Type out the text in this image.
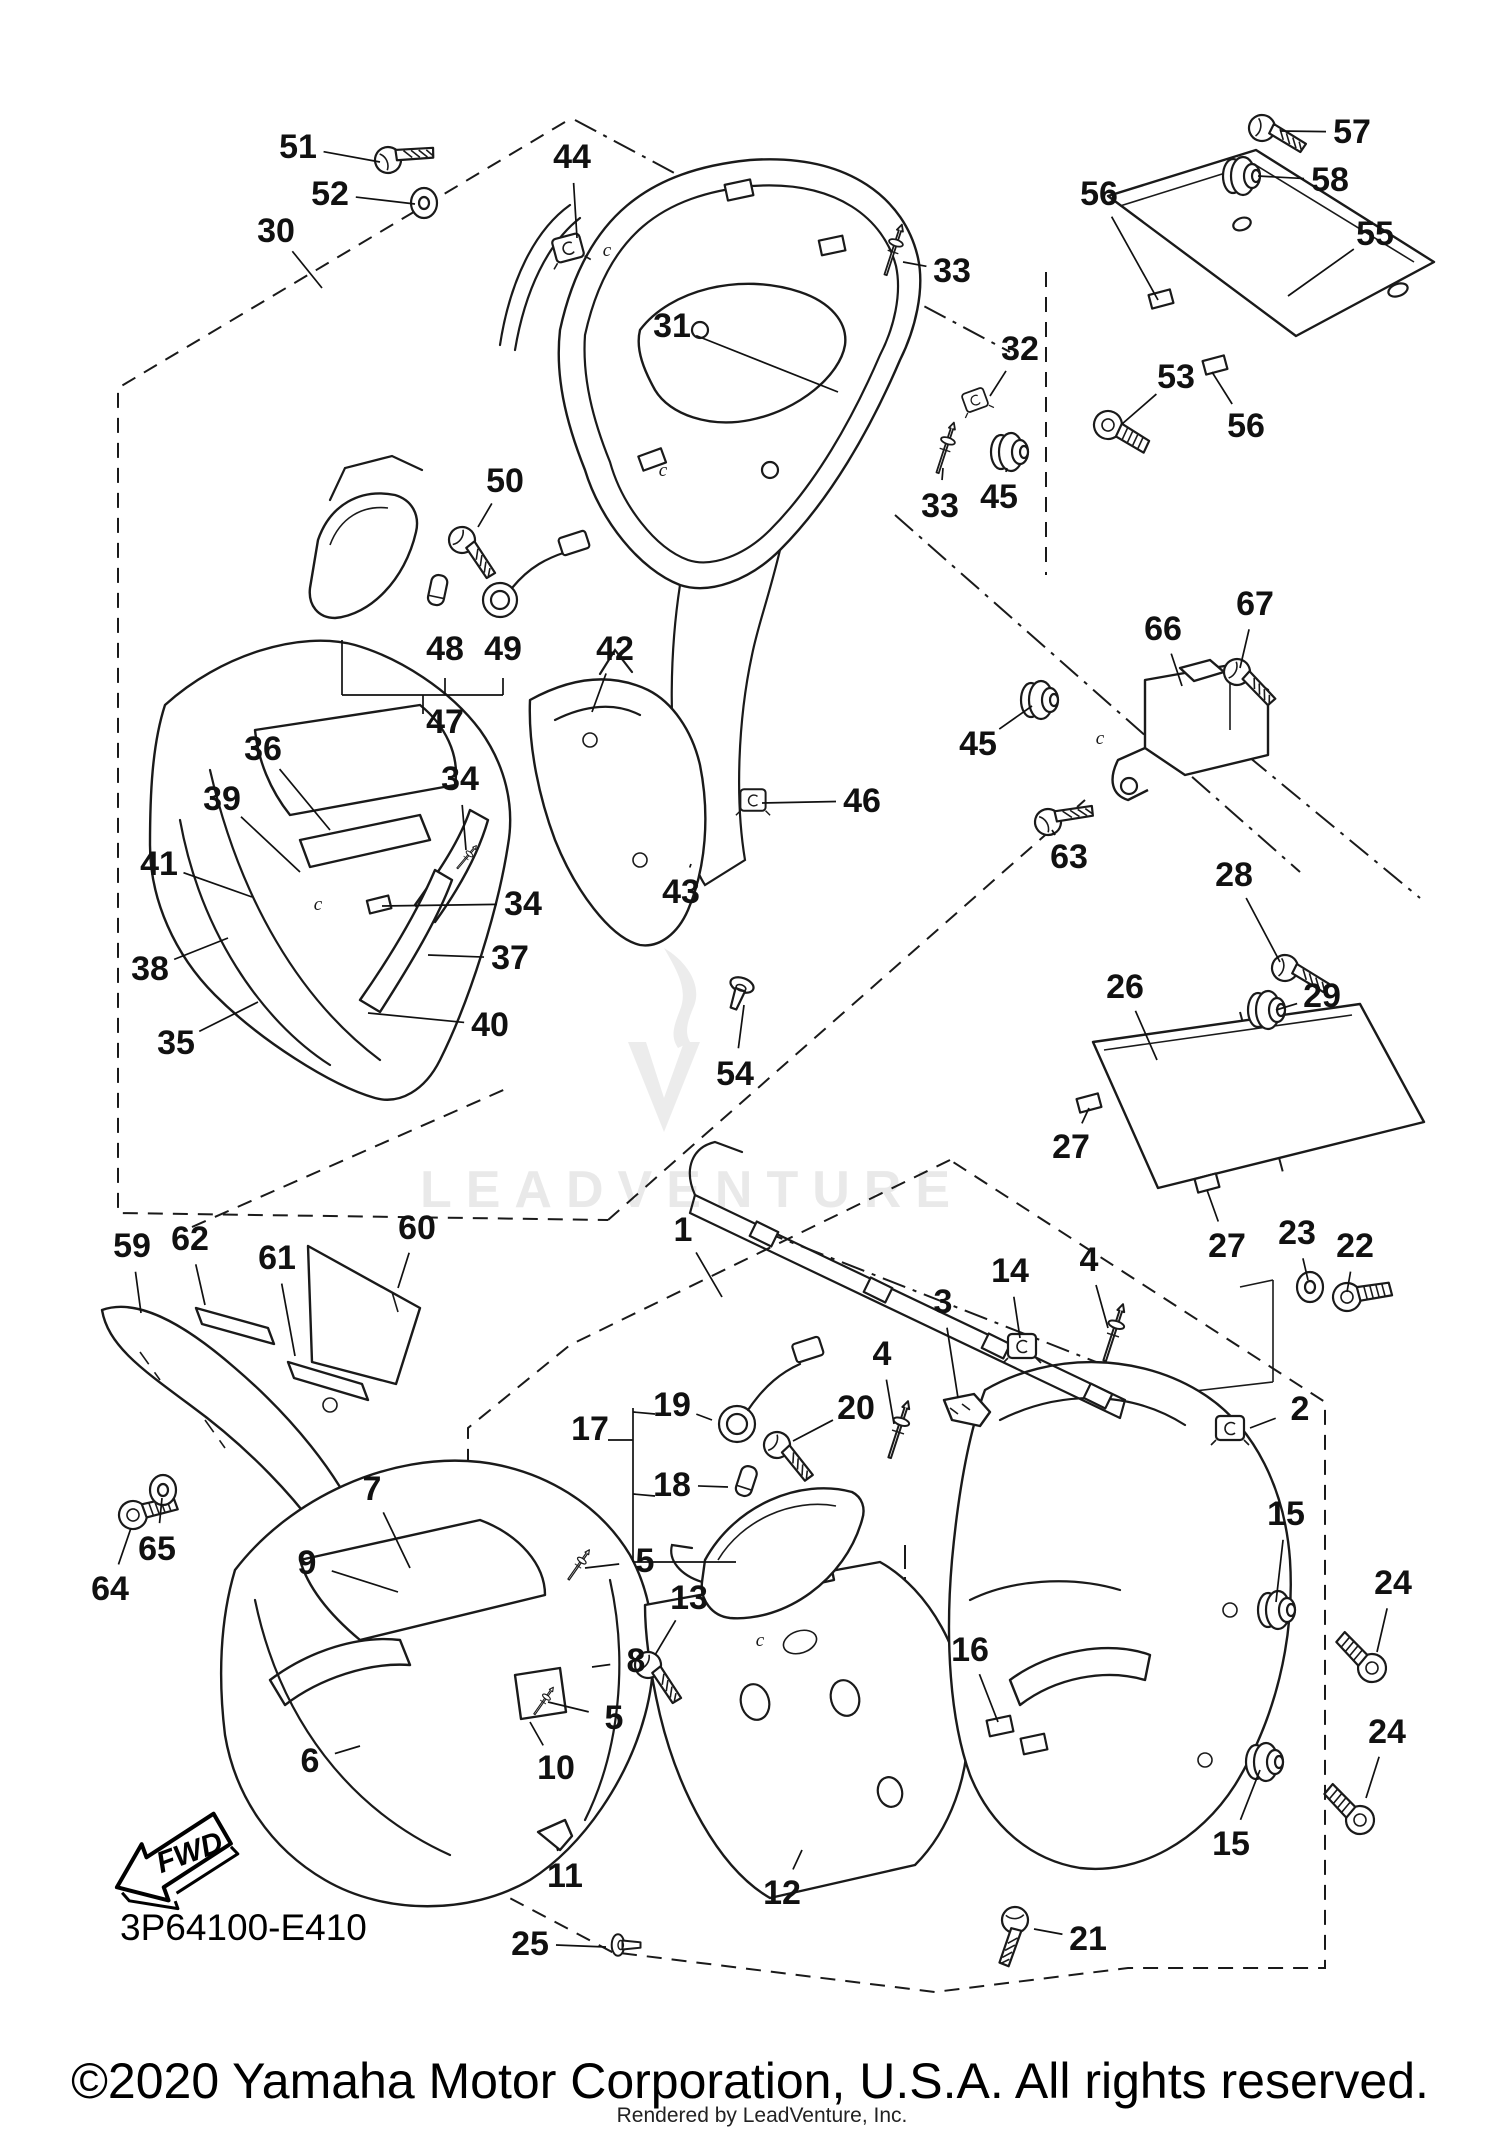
LEADVENTURE
c
c
c
c
c
51
52
30
44
31
33
32
53
57
58
55
56
56
45
33
50
48 49
47
42
36
39
41
34
38
35
34
37
40
43
46
45
63
66
67
28
26	29
27
27 23 22
54
60
59 62 61
1
19	20
17
18
3
14 4
4
2
64
65
7
9	5
8
5
6	10
11
13
12
16
25	21
15
24
24
15
FWD
3P64100-E410
©2020 Yamaha Motor Corporation, U.S.A. All rights reserved.
Rendered by LeadVenture, Inc.
